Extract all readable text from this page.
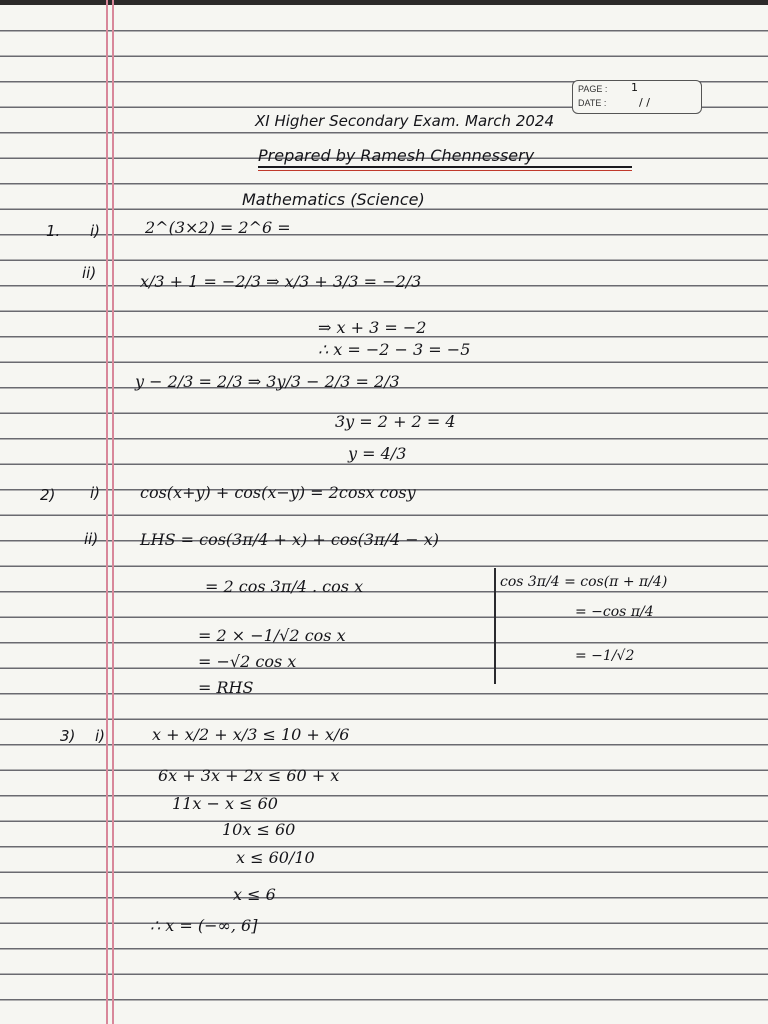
PAGE :
DATE :
1
/ /
XI Higher Secondary Exam. March 2024
Prepared by Ramesh Chennessery
Mathematics (Science)
1. i)	2^(3×2) = 2^6 =
ii)	x/3 + 1 = −2/3 ⇒ x/3 + 3/3 = −2/3
⇒ x + 3 = −2
∴ x = −2 − 3 = −5
y − 2/3 = 2/3 ⇒ 3y/3 − 2/3 = 2/3
3y = 2 + 2 = 4
y = 4/3
2) i) cos(x+y) + cos(x−y) = 2cosx cosy
ii)	LHS = cos(3π/4 + x) + cos(3π/4 − x)
= 2 cos 3π/4 . cos x
= 2 × −1/√2 cos x
= −√2 cos x
= RHS
cos 3π/4 = cos(π + π/4)
= −cos π/4
= −1/√2
3) i)	x + x/2 + x/3 ≤ 10 + x/6
6x + 3x + 2x ≤ 60 + x
11x − x ≤ 60
10x ≤ 60
x ≤ 60/10
x ≤ 6
∴ x = (−∞, 6]
